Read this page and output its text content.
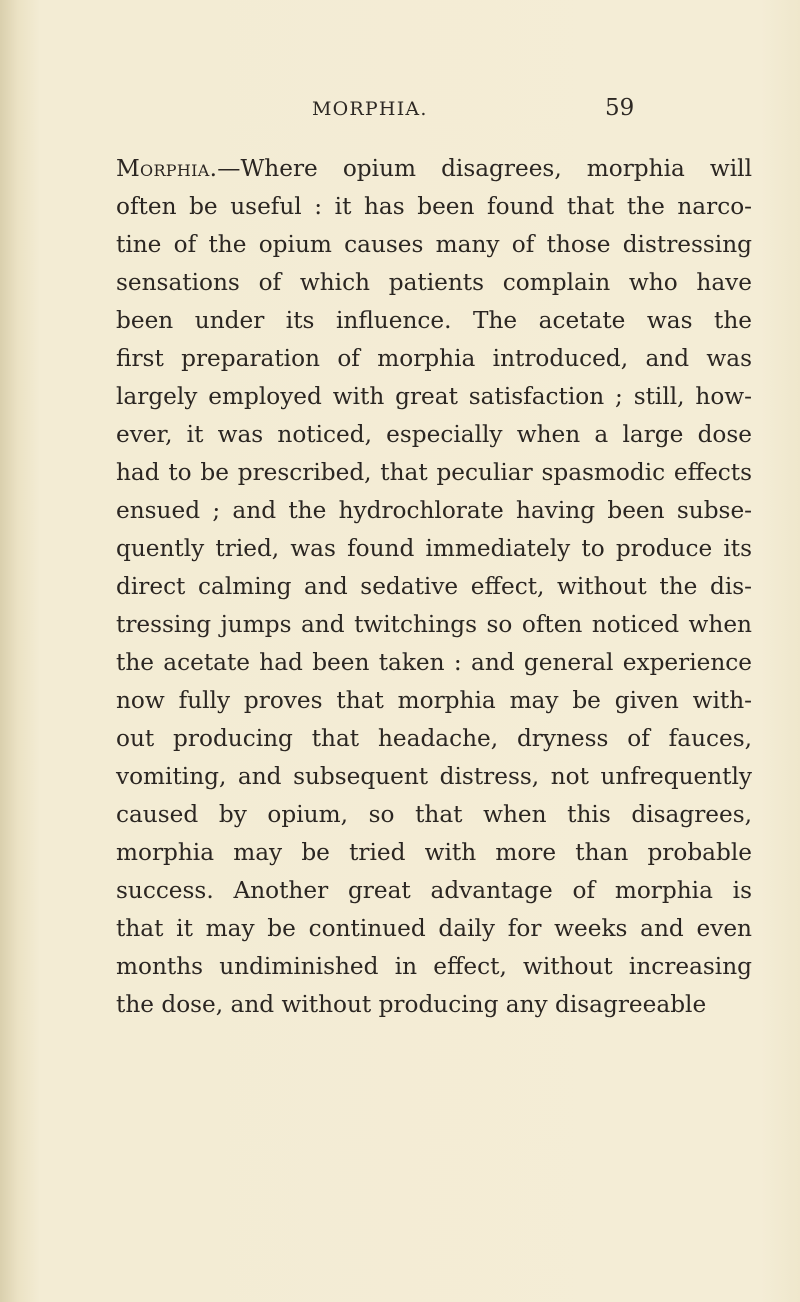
MORPHIA.	59
Morphia.—Where opium disagrees, morphia will
often be useful : it has been found that the narco-
tine of the opium causes many of those distressing
sensations of which patients complain who have
been under its influence. The acetate was the
first preparation of morphia introduced, and was
largely employed with great satisfaction ; still, how-
ever, it was noticed, especially when a large dose
had to be prescribed, that peculiar spasmodic effects
ensued ; and the hydrochlorate having been subse-
quently tried, was found immediately to produce its
direct calming and sedative effect, without the dis-
tressing jumps and twitchings so often noticed when
the acetate had been taken : and general experience
now fully proves that morphia may be given with-
out producing that headache, dryness of fauces,
vomiting, and subsequent distress, not unfrequently
caused by opium, so that when this disagrees,
morphia may be tried with more than probable
success. Another great advantage of morphia is
that it may be continued daily for weeks and even
months undiminished in effect, without increasing
the dose, and without producing any disagreeable
